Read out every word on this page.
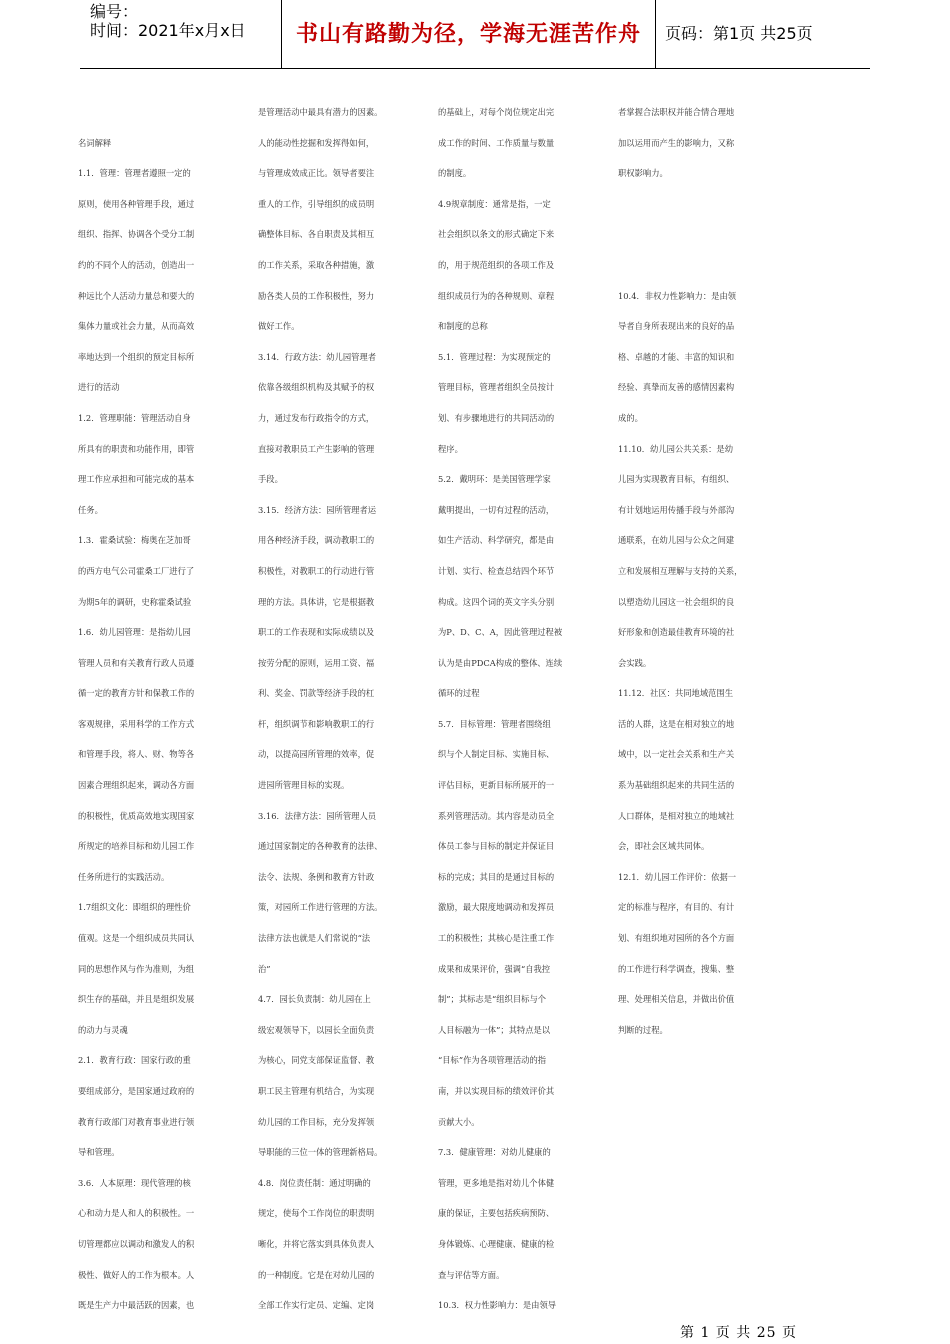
编号：
时间：2021年x月x日	书山有路勤为径，学海无涯苦作舟	页码：第1页 共25页

名词解释

1.1．管理：管理者遵照一定的

原则，使用各种管理手段，通过

组织、指挥、协调各个受分工制

约的不同个人的活动，创造出一

种远比个人活动力量总和要大的

集体力量或社会力量，从而高效

率地达到一个组织的预定目标所

进行的活动

1.2．管理职能：管理活动自身

所具有的职责和功能作用，即管

理工作应承担和可能完成的基本

任务。

1.3．霍桑试验：梅奥在芝加哥

的西方电气公司霍桑工厂进行了

为期5年的调研，史称霍桑试验

1.6．幼儿园管理：是指幼儿园

管理人员和有关教育行政人员遵

循一定的教育方针和保教工作的

客观规律，采用科学的工作方式

和管理手段，将人、财、物等各

因素合理组织起来，调动各方面

的积极性，优质高效地实现国家

所规定的培养目标和幼儿园工作

任务所进行的实践活动。

1.7组织文化：即组织的理性价

值观。这是一个组织成员共同认

同的思想作风与作为准则，为组

织生存的基础，并且是组织发展

的动力与灵魂

2.1．教育行政：国家行政的重

要组成部分，是国家通过政府的

教育行政部门对教育事业进行领

导和管理。

3.6．人本原理：现代管理的核

心和动力是人和人的积极性。一

切管理都应以调动和激发人的积

极性、做好人的工作为根本。人

既是生产力中最活跃的因素，也

是管理活动中最具有潜力的因素。

人的能动性挖掘和发挥得如何，

与管理成效成正比。领导者要注

重人的工作，引导组织的成员明

确整体目标、各自职责及其相互

的工作关系，采取各种措施，激

励各类人员的工作积极性，努力

做好工作。

3.14．行政方法：幼儿园管理者

依靠各级组织机构及其赋予的权

力，通过发布行政指令的方式，

直接对教职员工产生影响的管理

手段。

3.15．经济方法：园所管理者运

用各种经济手段，调动教职工的

积极性，对教职工的行动进行管

理的方法。具体讲，它是根据教

职工的工作表现和实际成绩以及

按劳分配的原则，运用工资、福

利、奖金、罚款等经济手段的杠

杆，组织调节和影响教职工的行

动，以提高园所管理的效率，促

进园所管理目标的实现。

3.16．法律方法：园所管理人员

通过国家制定的各种教育的法律、

法令、法规、条例和教育方针政

策，对园所工作进行管理的方法。

法律方法也就是人们常说的“法

治”

4.7．园长负责制：幼儿园在上

级宏观领导下，以园长全面负责

为核心，同党支部保证监督、教

职工民主管理有机结合，为实现

幼儿园的工作目标，充分发挥领

导职能的三位一体的管理新格局。

4.8．岗位责任制：通过明确的

规定，使每个工作岗位的职责明

晰化，并将它落实到具体负责人

的一种制度。它是在对幼儿园的

全部工作实行定员、定编、定岗

的基础上，对每个岗位规定出完

成工作的时间、工作质量与数量

的制度。

4.9规章制度：通常是指，一定

社会组织以条文的形式确定下来

的，用于规范组织的各项工作及

组织成员行为的各种规则、章程

和制度的总称

5.1．管理过程：为实现预定的

管理目标，管理者组织全员按计

划、有步骤地进行的共同活动的

程序。

5.2．戴明环：是美国管理学家

戴明提出，一切有过程的活动，

如生产活动、科学研究，都是由

计划、实行、检查总结四个环节

构成。这四个词的英文字头分别

为P、D、C、A，因此管理过程被

认为是由PDCA构成的整体、连续

循环的过程

5.7．目标管理：管理者围绕组

织与个人制定目标、实施目标、

评估目标，更新目标所展开的一

系列管理活动。其内容是动员全

体员工参与目标的制定并保证目

标的完成；其目的是通过目标的

激励，最大限度地调动和发挥员

工的积极性；其核心是注重工作

成果和成果评价，强调“自我控

制”；其标志是“组织目标与个

人目标融为一体”；其特点是以

“目标”作为各项管理活动的指

南，并以实现目标的绩效评价其

贡献大小。

7.3．健康管理：对幼儿健康的

管理，更多地是指对幼儿个体健

康的保证，主要包括疾病预防、

身体锻炼、心理健康、健康的检

查与评估等方面。

10.3．权力性影响力：是由领导

者掌握合法职权并能合情合理地

加以运用而产生的影响力，又称

职权影响力。

10.4．非权力性影响力：是由领

导者自身所表现出来的良好的品

格、卓越的才能、丰富的知识和

经验、真挚而友善的感情因素构

成的。

11.10．幼儿园公共关系：是幼

儿园为实现教育目标，有组织、

有计划地运用传播手段与外部沟

通联系，在幼儿园与公众之间建

立和发展相互理解与支持的关系，

以塑造幼儿园这一社会组织的良

好形象和创造最佳教育环境的社

会实践。

11.12．社区：共同地域范围生

活的人群，这是在相对独立的地

域中，以一定社会关系和生产关

系为基础组织起来的共同生活的

人口群体，是相对独立的地域社

会，即社会区域共同体。

12.1．幼儿园工作评价：依据一

定的标准与程序，有目的、有计

划、有组织地对园所的各个方面

的工作进行科学调查，搜集、整

理、处理相关信息，并做出价值

判断的过程。

第 1 页 共 25 页
